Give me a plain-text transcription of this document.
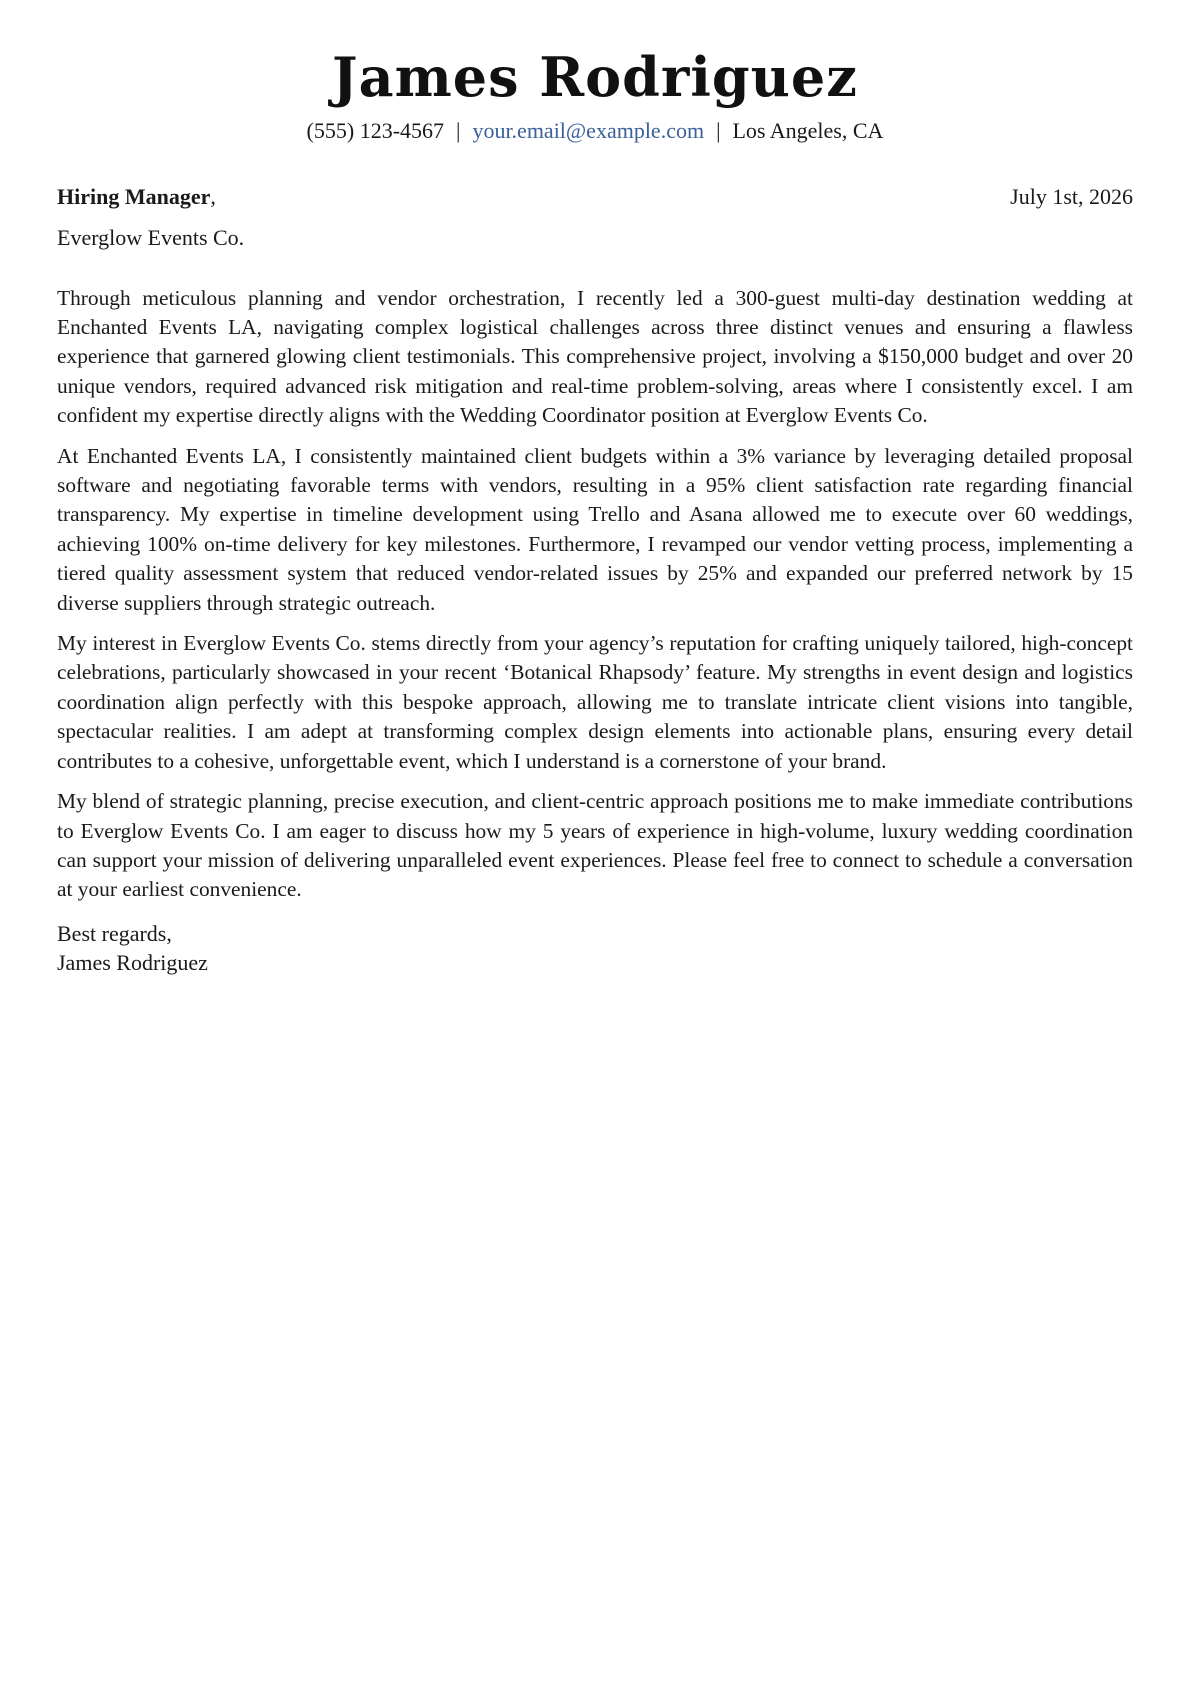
James Rodriguez
(555) 123-4567 | your.email@example.com | Los Angeles, CA
Hiring Manager,	July 1st, 2026
Everglow Events Co.

Through meticulous planning and vendor orchestration, I recently led a 300-guest multi-day destination wedding at Enchanted Events LA, navigating complex logistical challenges across three distinct venues and ensuring a flawless experience that garnered glowing client testimonials. This comprehensive project, involving a $150,000 budget and over 20 unique vendors, required advanced risk mitigation and real-time problem-solving, areas where I consistently excel. I am confident my expertise directly aligns with the Wedding Coordinator position at Everglow Events Co.

At Enchanted Events LA, I consistently maintained client budgets within a 3% variance by leveraging detailed proposal software and negotiating favorable terms with vendors, resulting in a 95% client satisfaction rate regarding financial transparency. My expertise in timeline development using Trello and Asana allowed me to execute over 60 weddings, achieving 100% on-time delivery for key milestones. Furthermore, I revamped our vendor vetting process, implementing a tiered quality assessment system that reduced vendor-related issues by 25% and expanded our preferred network by 15 diverse suppliers through strategic outreach.

My interest in Everglow Events Co. stems directly from your agency’s reputation for crafting uniquely tailored, high-concept celebrations, particularly showcased in your recent ‘Botanical Rhapsody’ feature. My strengths in event design and logistics coordination align perfectly with this bespoke approach, allowing me to translate intricate client visions into tangible, spectacular realities. I am adept at transforming complex design elements into actionable plans, ensuring every detail contributes to a cohesive, unforgettable event, which I understand is a cornerstone of your brand.

My blend of strategic planning, precise execution, and client-centric approach positions me to make immediate contributions to Everglow Events Co. I am eager to discuss how my 5 years of experience in high-volume, luxury wedding coordination can support your mission of delivering unparalleled event experiences. Please feel free to connect to schedule a conversation at your earliest convenience.

Best regards,
James Rodriguez
